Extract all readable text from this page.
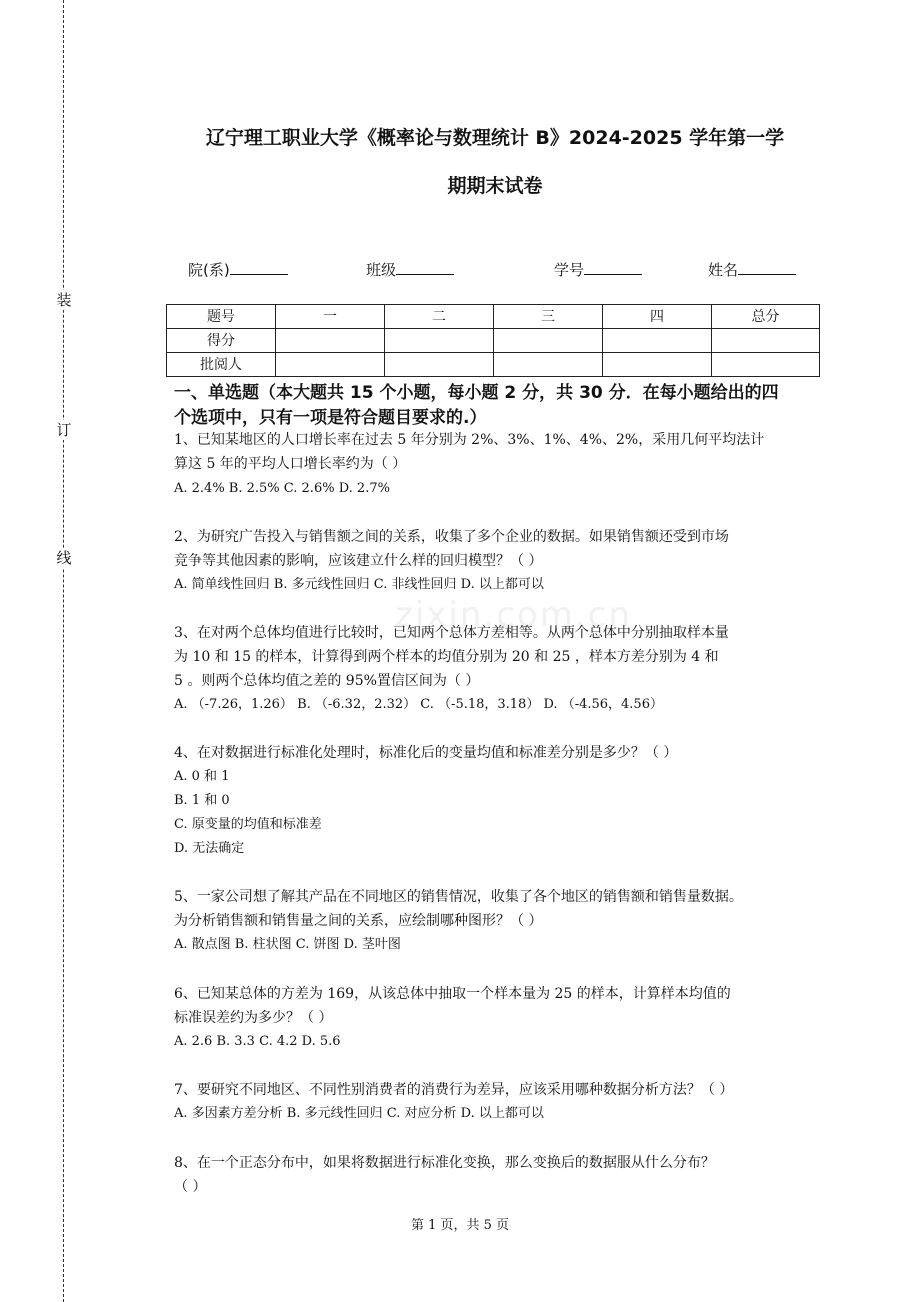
装
订
线
zixin.com.cn
辽宁理工职业大学《概率论与数理统计 B》2024-2025 学年第一学
期期末试卷
院(系)	班级	学号	姓名
题号	一	二	三	四	总分
得分					
批阅人					
一、单选题（本大题共 15 个小题，每小题 2 分，共 30 分．在每小题给出的四
个选项中，只有一项是符合题目要求的.）
1、已知某地区的人口增长率在过去 5 年分别为 2%、3%、1%、4%、2%，采用几何平均法计
算这 5 年的平均人口增长率约为（ ）
A. 2.4% B. 2.5% C. 2.6% D. 2.7%
2、为研究广告投入与销售额之间的关系，收集了多个企业的数据。如果销售额还受到市场
竞争等其他因素的影响，应该建立什么样的回归模型？（ ）
A. 简单线性回归 B. 多元线性回归 C. 非线性回归 D. 以上都可以
3、在对两个总体均值进行比较时，已知两个总体方差相等。从两个总体中分别抽取样本量
为 10 和 15 的样本，计算得到两个样本的均值分别为 20 和 25 ，样本方差分别为 4 和
5 。则两个总体均值之差的 95%置信区间为（ ）
A. （-7.26，1.26） B. （-6.32，2.32） C. （-5.18，3.18） D. （-4.56，4.56）
4、在对数据进行标准化处理时，标准化后的变量均值和标准差分别是多少？（ ）
A. 0 和 1
B. 1 和 0
C. 原变量的均值和标准差
D. 无法确定
5、一家公司想了解其产品在不同地区的销售情况，收集了各个地区的销售额和销售量数据。
为分析销售额和销售量之间的关系，应绘制哪种图形？（ ）
A. 散点图 B. 柱状图 C. 饼图 D. 茎叶图
6、已知某总体的方差为 169，从该总体中抽取一个样本量为 25 的样本，计算样本均值的
标准误差约为多少？（ ）
A. 2.6 B. 3.3 C. 4.2 D. 5.6
7、要研究不同地区、不同性别消费者的消费行为差异，应该采用哪种数据分析方法？（ ）
A. 多因素方差分析 B. 多元线性回归 C. 对应分析 D. 以上都可以
8、在一个正态分布中，如果将数据进行标准化变换，那么变换后的数据服从什么分布？
（ ）
第 1 页，共 5 页
